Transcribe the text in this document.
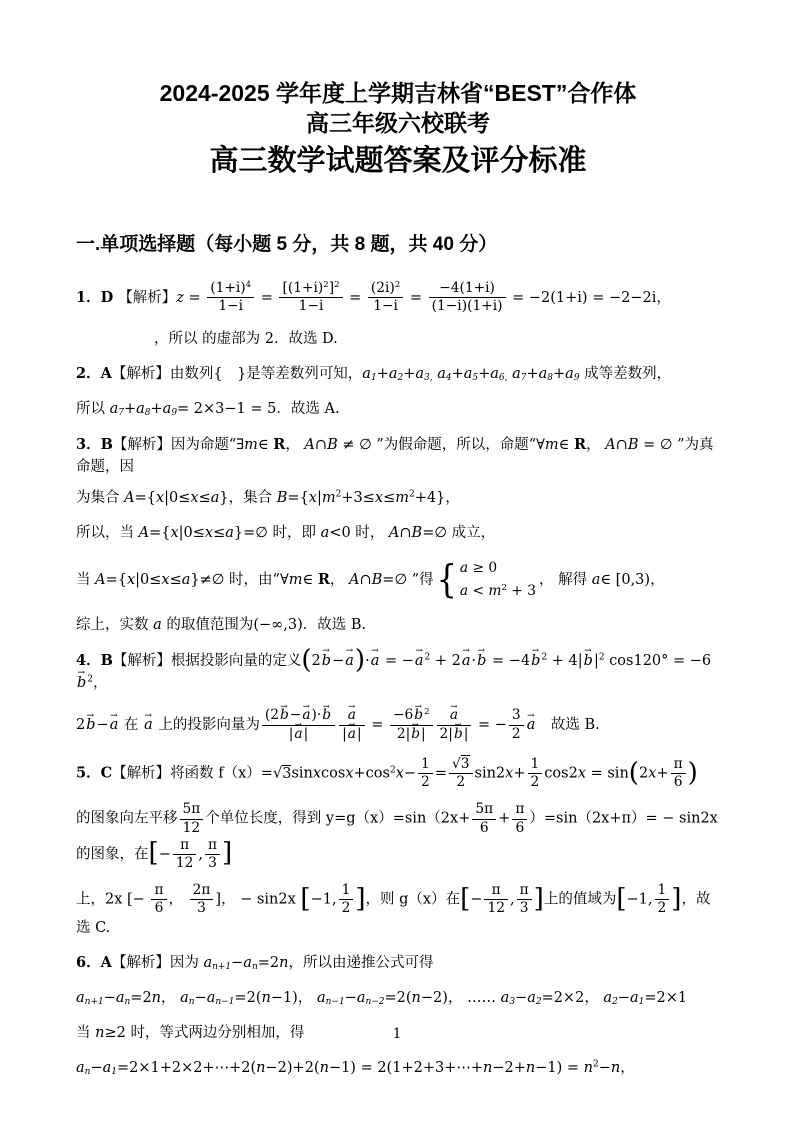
2024-2025 学年度上学期吉林省“BEST”合作体
高三年级六校联考
高三数学试题答案及评分标准
一.单项选择题（每小题 5 分，共 8 题，共 40 分）
1．D 【解析】$z = \frac{(1+i)^4}{1-i} = \frac{[(1+i)^2]^2}{1-i} = \frac{(2i)^2}{1-i} = \frac{-4(1+i)}{(1-i)(1+i)} = -2(1+i) = -2-2i$，
，所以 的虚部为 2．故选 D.
2．A【解析】由数列{　}是等差数列可知，a1+a2+a3, a4+a5+a6, a7+a8+a9 成等差数列，
所以 a7+a8+a9= 2×3−1 = 5．故选 A.
3．B【解析】因为命题“∃m∈ R， A∩B ≠ ∅ ”为假命题，所以，命题“∀m∈ R， A∩B = ∅ ”为真命题，因
为集合 A={x|0≤x≤a}，集合 $B=\{x|m^2+3\le x\le m^2+4\}$，
所以，当 A={x|0≤x≤a}=∅ 时，即 a<0 时， A∩B=∅ 成立，
当 A={x|0≤x≤a}≠∅ 时，由“∀m∈ R， A∩B=∅ ”得 { a ≥ 0
$a < m^2 + 3$
， 解得 a∈ [0,3)，
综上，实数 a 的取值范围为(−∞,3)．故选 B.
4．B【解析】根据投影向量的定义(2b →−a →)·a → = −a →$^2$ + 2a →·b → = $-4b \to^2 + 4|b \to|^2$ cos120° = −6b →$^2$，
2b →−a → 在 a → 上的投影向量为 $\frac{(2b \to-a \to)\cdot b \to}{|a \to|} \frac{a \to}{|a \to|} = \frac{-6b \to^2}{2|b \to|} \frac{a \to}{2|b \to|}$ = − $\frac{3}{2}$ a →　故选 B.
5．C【解析】将函数 $f(x)=√3sinxcosx+\cos^2x- \frac{1}{2} = \frac{√3}{2} \sin 2x+ \frac{1}{2} \cos 2x = \sin(2x+ \frac{\pi}{6}$ )
的图象向左平移 $\frac{5\pi}{12}$ 个单位长度，得到 $y=g(x)=\sin(2x+ \frac{5\pi}{6} + \frac{\pi}{6} )=\sin(2x+\pi)= - \sin 2x$ 的图象，在[− $\frac{\pi}{12}$ , $\frac{\pi}{3}$ ]
上，2x [− $\frac{\pi}{6}$ ， $\frac{2\pi}{3}$ ]， − sin2x [−1, $\frac{1}{2}$ ]，则 g（x）在[− $\frac{\pi}{12}$ , $\frac{\pi}{3}$ ]上的值域为[−1, $\frac{1}{2}$ ]，故选 C.
6．A【解析】因为 an+1−an=2n，所以由递推公式可得
an+1−an=2n， an−an−1=2(n−1)， an−1−an−2=2(n−2)， …… a3−a2=2×2， a2−a1=2×1
当 n≥2 时，等式两边分别相加，得
an−a1=2×1+2×2+⋯+2(n−2)+2(n−1) = 2(1+2+3+⋯+n−2+n−1) = $n^2-n$，
1
